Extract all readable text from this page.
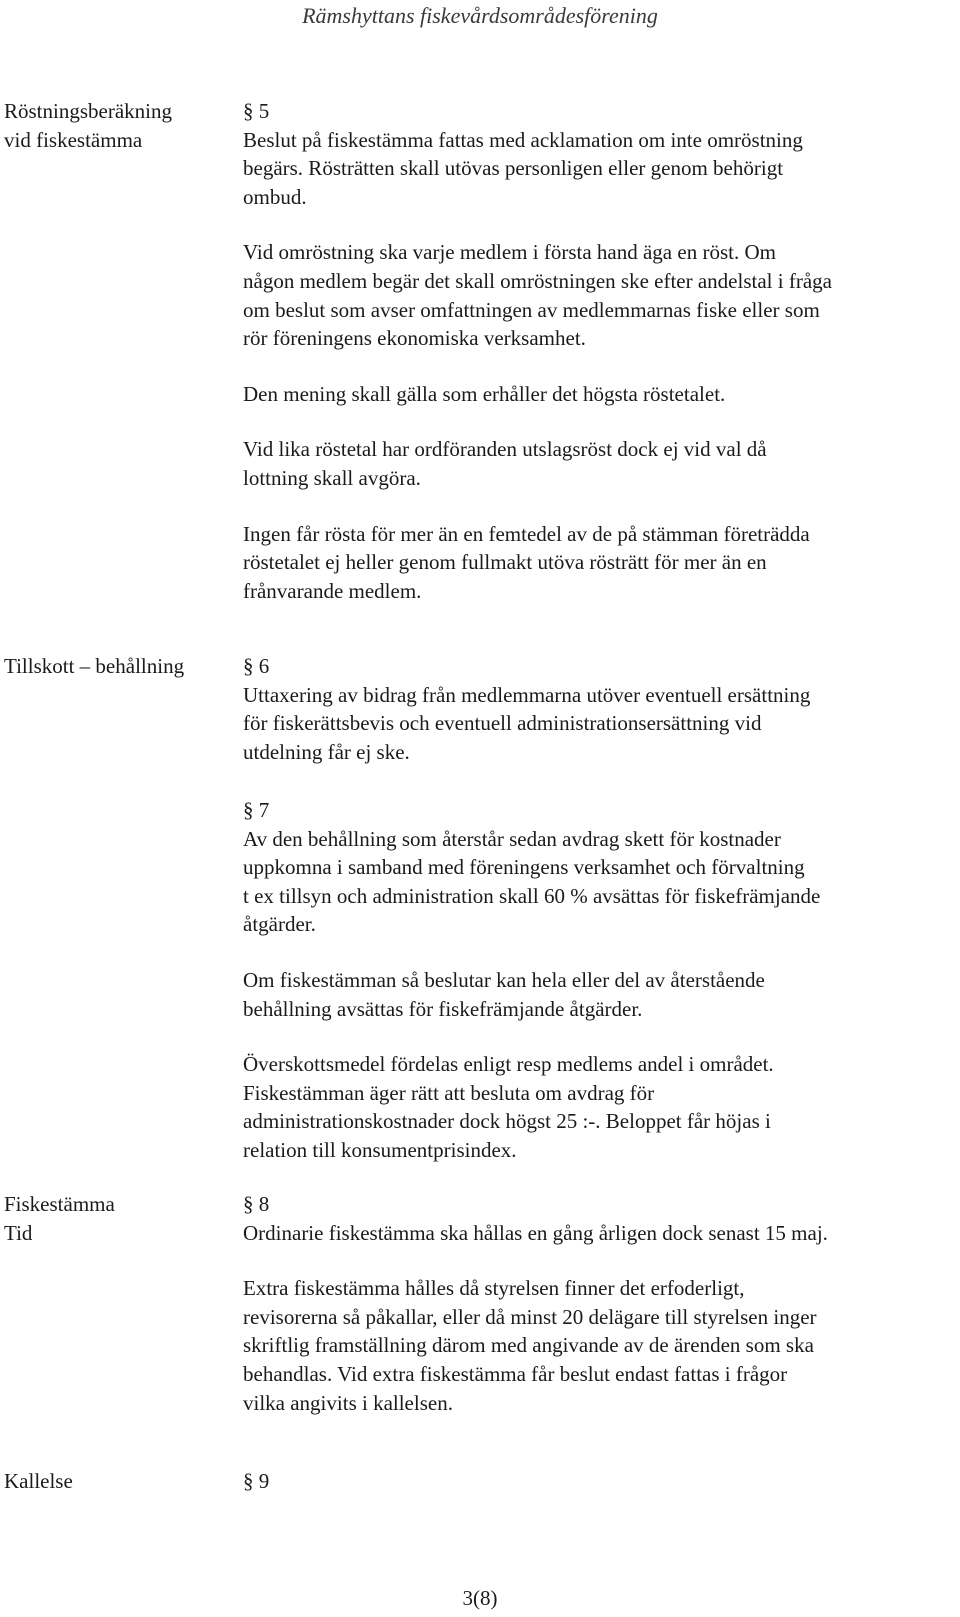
Rämshyttans fiskevårdsområdesförening
Röstningsberäkning
vid fiskestämma
§ 5
Beslut på fiskestämma fattas med acklamation om inte omröstning
begärs. Rösträtten skall utövas personligen eller genom behörigt
ombud.
Vid omröstning ska varje medlem i första hand äga en röst. Om
någon medlem begär det skall omröstningen ske efter andelstal i fråga
om beslut som avser omfattningen av medlemmarnas fiske eller som
rör föreningens ekonomiska verksamhet.
Den mening skall gälla som erhåller det högsta röstetalet.
Vid lika röstetal har ordföranden utslagsröst dock ej vid val då
lottning skall avgöra.
Ingen får rösta för mer än en femtedel av de på stämman företrädda
röstetalet ej heller genom fullmakt utöva rösträtt för mer än en
frånvarande medlem.
Tillskott – behållning	§ 6
Uttaxering av bidrag från medlemmarna utöver eventuell ersättning
för fiskerättsbevis och eventuell administrationsersättning vid
utdelning får ej ske.
§ 7
Av den behållning som återstår sedan avdrag skett för kostnader
uppkomna i samband med föreningens verksamhet och förvaltning
t ex tillsyn och administration skall 60 % avsättas för fiskefrämjande
åtgärder.
Om fiskestämman så beslutar kan hela eller del av återstående
behållning avsättas för fiskefrämjande åtgärder.
Överskottsmedel fördelas enligt resp medlems andel i området.
Fiskestämman äger rätt att besluta om avdrag för
administrationskostnader dock högst 25 :-. Beloppet får höjas i
relation till konsumentprisindex.
Fiskestämma
Tid
§ 8
Ordinarie fiskestämma ska hållas en gång årligen dock senast 15 maj.
Extra fiskestämma hålles då styrelsen finner det erfoderligt,
revisorerna så påkallar, eller då minst 20 delägare till styrelsen inger
skriftlig framställning därom med angivande av de ärenden som ska
behandlas. Vid extra fiskestämma får beslut endast fattas i frågor
vilka angivits i kallelsen.
Kallelse	§ 9
3(8)
